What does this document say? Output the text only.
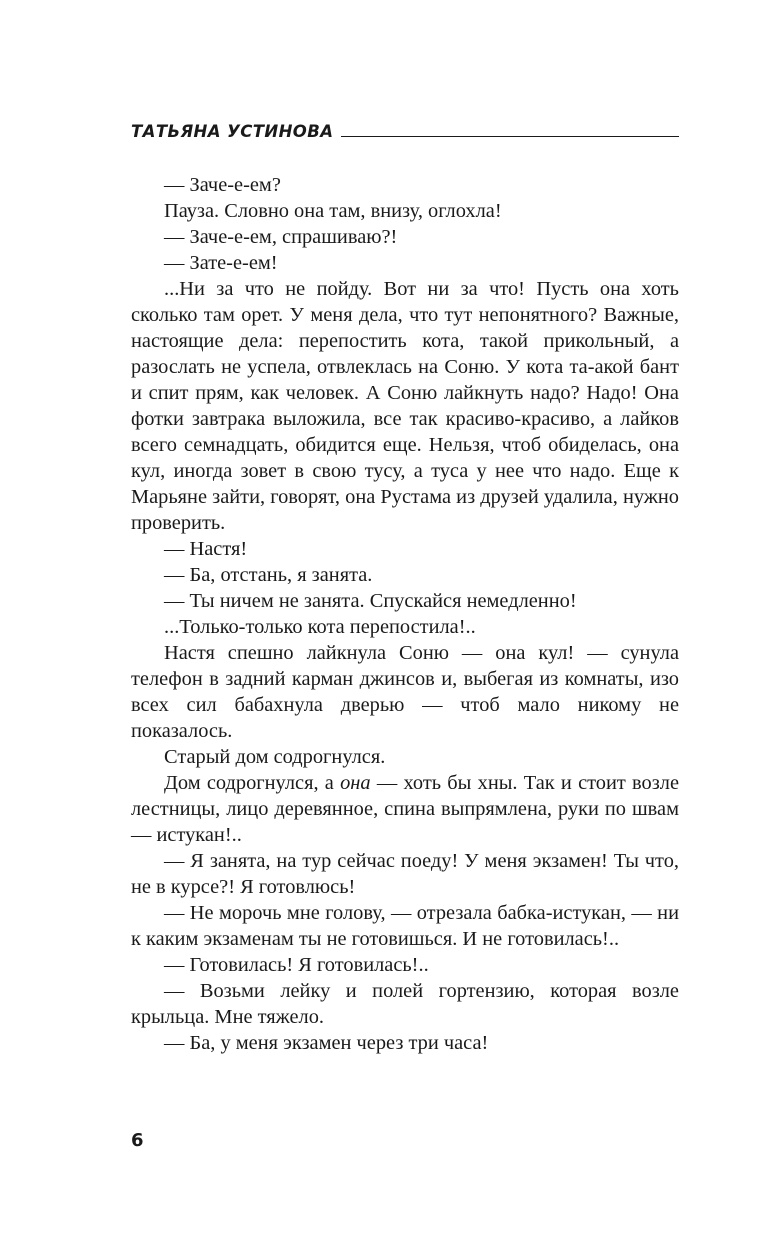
ТАТЬЯНА УСТИНОВА

— Заче-е-ем?

Пауза. Словно она там, внизу, оглохла!

— Заче-е-ем, спрашиваю?!

— Зате-е-ем!

...Ни за что не пойду. Вот ни за что! Пусть она хоть сколько там орет. У меня дела, что тут непонятного? Важные, настоящие дела: перепостить кота, такой прикольный, а разослать не успела, отвлеклась на Соню. У кота та-акой бант и спит прям, как человек. А Соню лайкнуть надо? Надо! Она фотки завтрака выложила, все так красиво-красиво, а лайков всего семнадцать, обидится еще. Нельзя, чтоб обиделась, она кул, иногда зовет в свою тусу, а туса у нее что надо. Еще к Марьяне зайти, говорят, она Рустама из друзей удалила, нужно проверить.

— Настя!

— Ба, отстань, я занята.

— Ты ничем не занята. Спускайся немедленно!

...Только-только кота перепостила!..

Настя спешно лайкнула Соню — она кул! — сунула телефон в задний карман джинсов и, выбегая из комнаты, изо всех сил бабахнула дверью — чтоб мало никому не показалось.

Старый дом содрогнулся.

Дом содрогнулся, а она — хоть бы хны. Так и стоит возле лестницы, лицо деревянное, спина выпрямлена, руки по швам — истукан!..

— Я занята, на тур сейчас поеду! У меня экзамен! Ты что, не в курсе?! Я готовлюсь!

— Не морочь мне голову, — отрезала бабка-истукан, — ни к каким экзаменам ты не готовишься. И не готовилась!..

— Готовилась! Я готовилась!..

— Возьми лейку и полей гортензию, которая возле крыльца. Мне тяжело.

— Ба, у меня экзамен через три часа!

6
